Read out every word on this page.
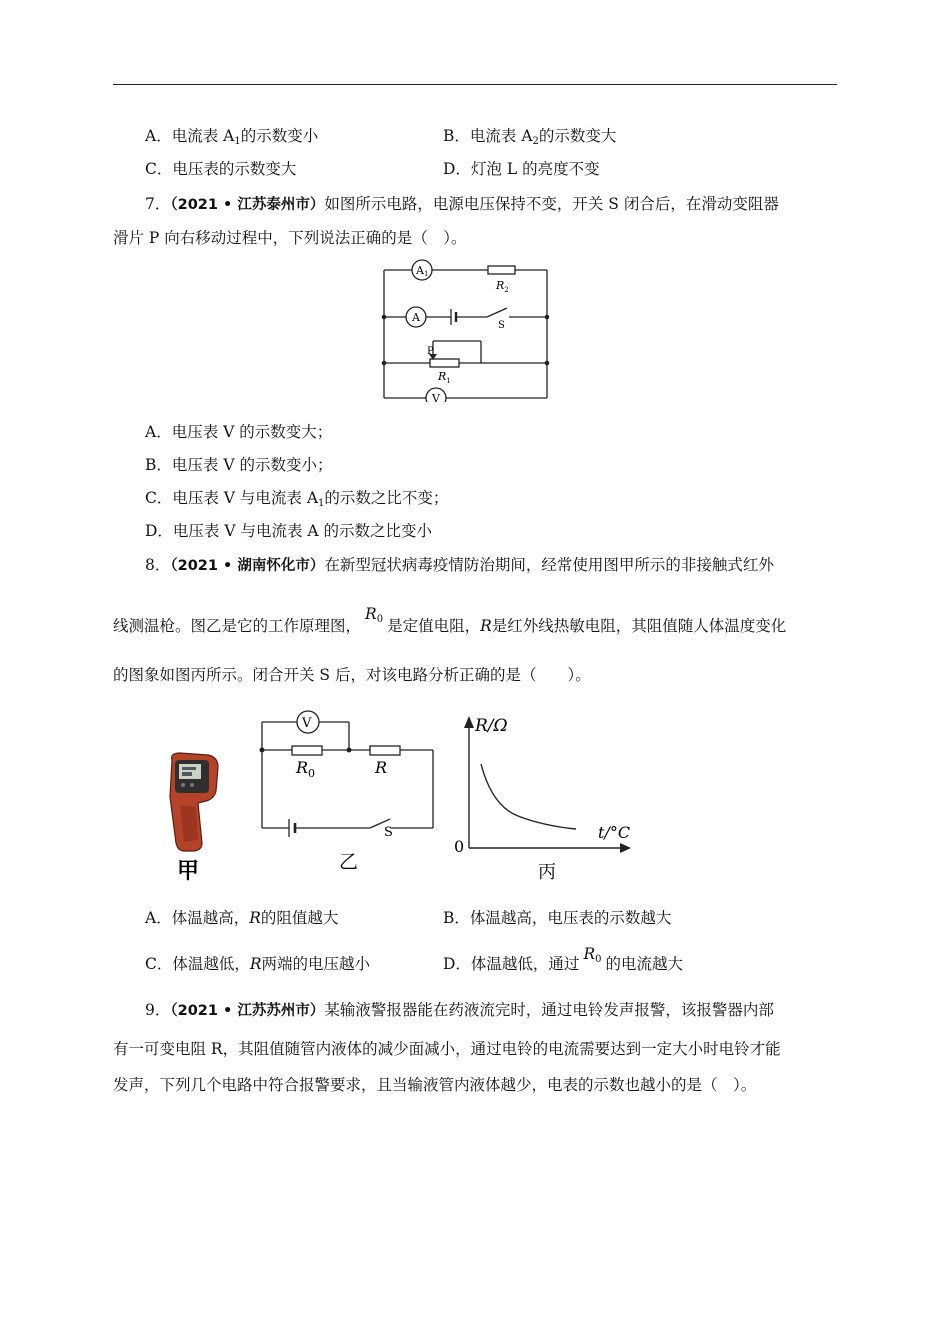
A．电流表 $A_1$的示数变小	B．电流表 $A_2$的示数变大
C．电压表的示数变大	D．灯泡 L 的亮度不变
7．（2021 • 江苏泰州市）如图所示电路，电源电压保持不变，开关 S 闭合后，在滑动变阻器
滑片 P 向右移动过程中，下列说法正确的是（　）。
A1
$R_2$
A
S
P
$R_1$
V
A．电压表 V 的示数变大；
B．电压表 V 的示数变小；
C．电压表 V 与电流表 $A_1$的示数之比不变；
D．电压表 V 与电流表 A 的示数之比变小
8．（2021 • 湖南怀化市）在新型冠状病毒疫情防治期间，经常使用图甲所示的非接触式红外
线测温枪。图乙是它的工作原理图，$R_0$ 是定值电阻，R是红外线热敏电阻，其阻值随人体温度变化
的图象如图丙所示。闭合开关 S 后，对该电路分析正确的是（　　）。
甲
V
$R_0$	R
S
乙
R/Ω
t/°C
0
丙
A．体温越高，R的阻值越大	B．体温越高，电压表的示数越大
C．体温越低，R两端的电压越小	D．体温越低，通过$R_0$ 的电流越大
9．（2021 • 江苏苏州市）某输液警报器能在药液流完时，通过电铃发声报警，该报警器内部
有一可变电阻 R，其阻值随管内液体的减少面减小，通过电铃的电流需要达到一定大小时电铃才能
发声，下列几个电路中符合报警要求，且当输液管内液体越少，电表的示数也越小的是（　）。
